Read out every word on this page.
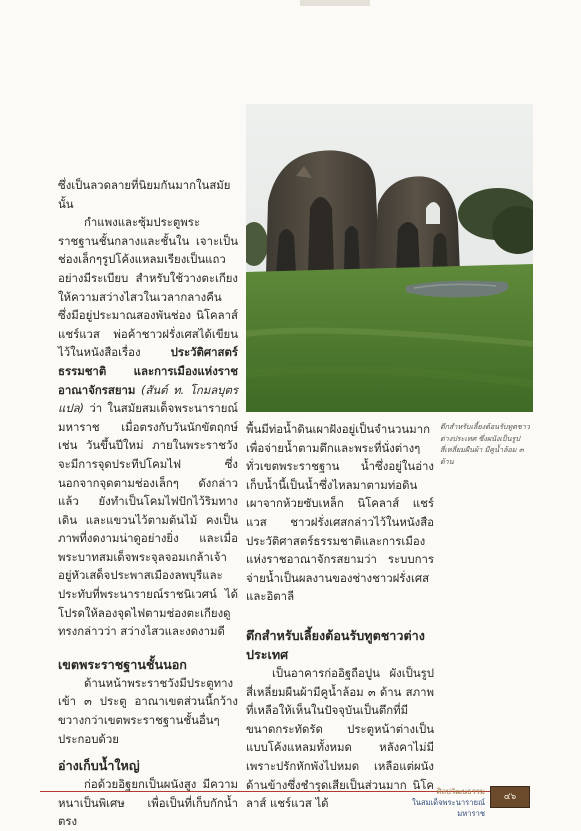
ซึ่งเป็นลวดลายที่นิยมกันมากในสมัยนั้น

กำแพงและซุ้มประตูพระราชฐานชั้นกลางและชั้นใน เจาะเป็นช่องเล็กๆรูปโค้งแหลมเรียงเป็นแถวอย่างมีระเบียบ สำหรับใช้วางตะเกียงให้ความสว่างไสวในเวลากลางคืน ซึ่งมีอยู่ประมาณสองพันช่อง นิโคลาส์ แชร์แวส พ่อค้าชาวฝรั่งเศสได้เขียนไว้ในหนังสือเรื่อง	ประวัติศาสตร์ธรรมชาติ และการเมืองแห่งราชอาณาจักรสยาม (สันต์ ท. โกมลบุตร แปล) ว่า ในสมัยสมเด็จพระนารายณ์มหาราช เมื่อตรงกับวันนักขัตฤกษ์ เช่น วันขึ้นปีใหม่ ภายในพระราชวังจะมีการจุดประทีปโคมไฟ ซึ่งนอกจากจุดตามช่องเล็กๆ ดังกล่าวแล้ว ยังทำเป็นโคมไฟปักไว้ริมทางเดิน และแขวนไว้ตามต้นไม้ คงเป็นภาพที่งดงามน่าดูอย่างยิ่ง และเมื่อพระบาทสมเด็จพระจุลจอมเกล้าเจ้าอยู่หัวเสด็จประพาสเมืองลพบุรีและประทับที่พระนารายณ์ราชนิเวศน์ ได้โปรดให้ลองจุดไฟตามช่องตะเกียงดู ทรงกล่าวว่า สว่างไสวและงดงามดี

เขตพระราชฐานชั้นนอก

ด้านหน้าพระราชวังมีประตูทางเข้า ๓ ประตู อาณาเขตส่วนนี้กว้างขวางกว่าเขตพระราชฐานชั้นอื่นๆ ประกอบด้วย

อ่างเก็บน้ำใหญ่

ก่อด้วยอิฐยกเป็นผนังสูง มีความหนาเป็นพิเศษ เพื่อเป็นที่เก็บกักน้ำ ตรง

ตึกสำหรับเลี้ยงต้อนรับทูตชาวต่างประเทศ ซึ่งผนังเป็นรูปสี่เหลี่ยมผืนผ้า มีคูน้ำล้อม ๓ ด้าน

พื้นมีท่อน้ำดินเผาฝังอยู่เป็นจำนวนมาก เพื่อจ่ายน้ำตามตึกและพระที่นั่งต่างๆ ทั่วเขตพระราชฐาน น้ำซึ่งอยู่ในอ่างเก็บน้ำนี้เป็นน้ำซึ่งไหลมาตามท่อดินเผาจากห้วยซับเหล็ก นิโคลาส์ แชร์แวส ชาวฝรั่งเศสกล่าวไว้ในหนังสือประวัติศาสตร์ธรรมชาติและการเมืองแห่งราชอาณาจักรสยามว่า ระบบการจ่ายน้ำเป็นผลงานของช่างชาวฝรั่งเศสและอิตาลี

ตึกสำหรับเลี้ยงต้อนรับทูตชาวต่างประเทศ

เป็นอาคารก่ออิฐถือปูน ผังเป็นรูปสี่เหลี่ยมผืนผ้ามีคูน้ำล้อม ๓ ด้าน สภาพที่เหลือให้เห็นในปัจจุบันเป็นตึกที่มีขนาดกระทัดรัด ประตูหน้าต่างเป็นแบบโค้งแหลมทั้งหมด หลังคาไม่มี เพราะปรักหักพังไปหมด เหลือแต่ผนังด้านข้างซึ่งชำรุดเสียเป็นส่วนมาก นิโคลาส์ แชร์แวส ได้

ศิลปวัฒนธรรม
ในสมเด็จพระนารายณ์มหาราช
๔๖
